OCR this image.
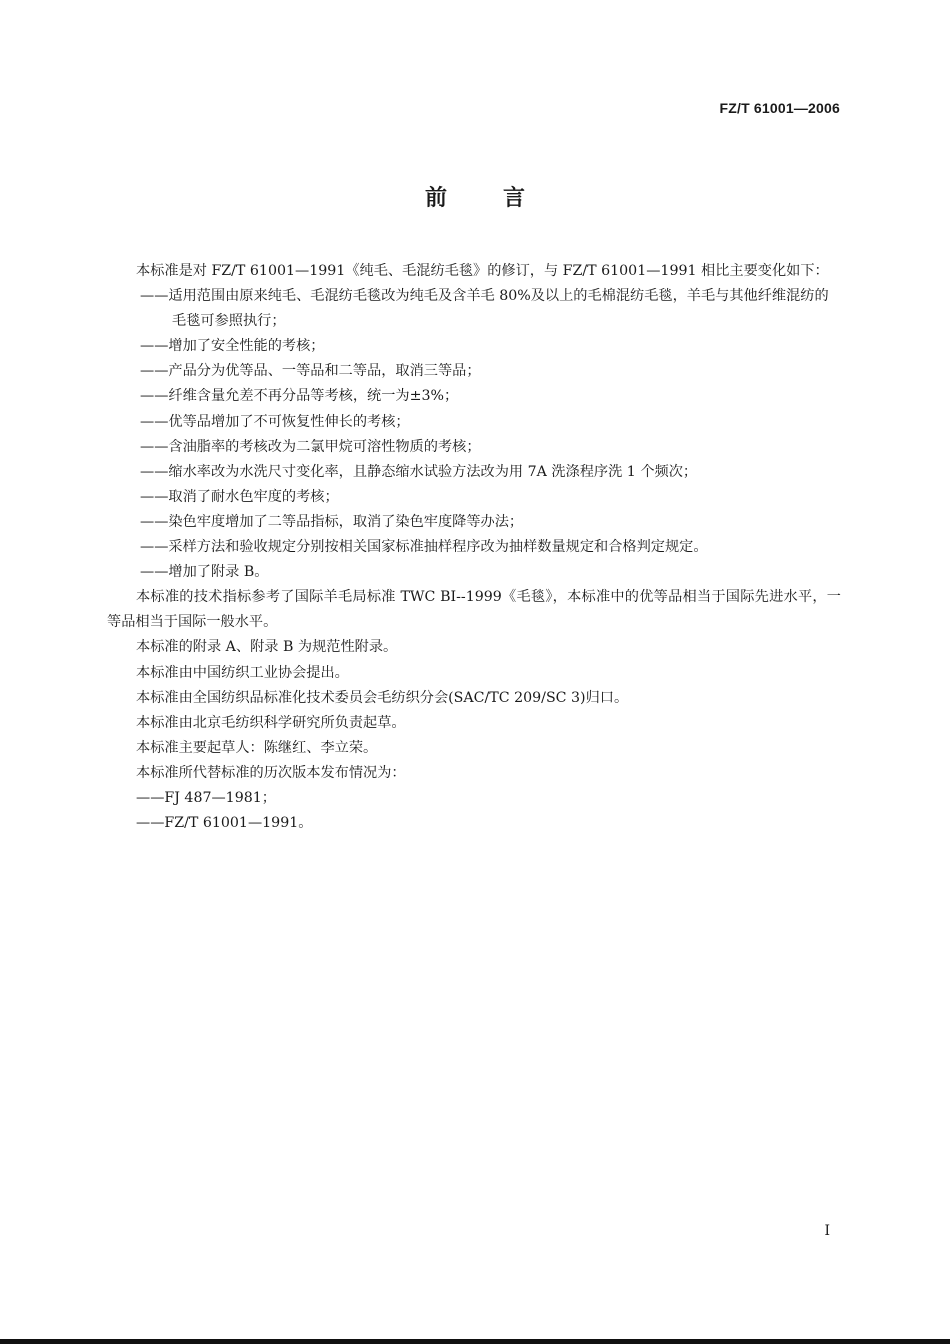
FZ/T 61001—2006
前	言

本标准是对 FZ/T 61001—1991《纯毛、毛混纺毛毯》的修订，与 FZ/T 61001—1991 相比主要变化如下：

——适用范围由原来纯毛、毛混纺毛毯改为纯毛及含羊毛 80%及以上的毛棉混纺毛毯，羊毛与其他纤维混纺的毛毯可参照执行；

——增加了安全性能的考核；

——产品分为优等品、一等品和二等品，取消三等品；

——纤维含量允差不再分品等考核，统一为±3%；

——优等品增加了不可恢复性伸长的考核；

——含油脂率的考核改为二氯甲烷可溶性物质的考核；

——缩水率改为水洗尺寸变化率，且静态缩水试验方法改为用 7A 洗涤程序洗 1 个频次；

——取消了耐水色牢度的考核；

——染色牢度增加了二等品指标，取消了染色牢度降等办法；

——采样方法和验收规定分别按相关国家标准抽样程序改为抽样数量规定和合格判定规定。

——增加了附录 B。

本标准的技术指标参考了国际羊毛局标准 TWC BI--1999《毛毯》，本标准中的优等品相当于国际先进水平，一等品相当于国际一般水平。

本标准的附录 A、附录 B 为规范性附录。

本标准由中国纺织工业协会提出。

本标准由全国纺织品标准化技术委员会毛纺织分会(SAC/TC 209/SC 3)归口。

本标准由北京毛纺织科学研究所负责起草。

本标准主要起草人：陈继红、李立荣。

本标准所代替标准的历次版本发布情况为：

——FJ 487—1981；

——FZ/T 61001—1991。

I
